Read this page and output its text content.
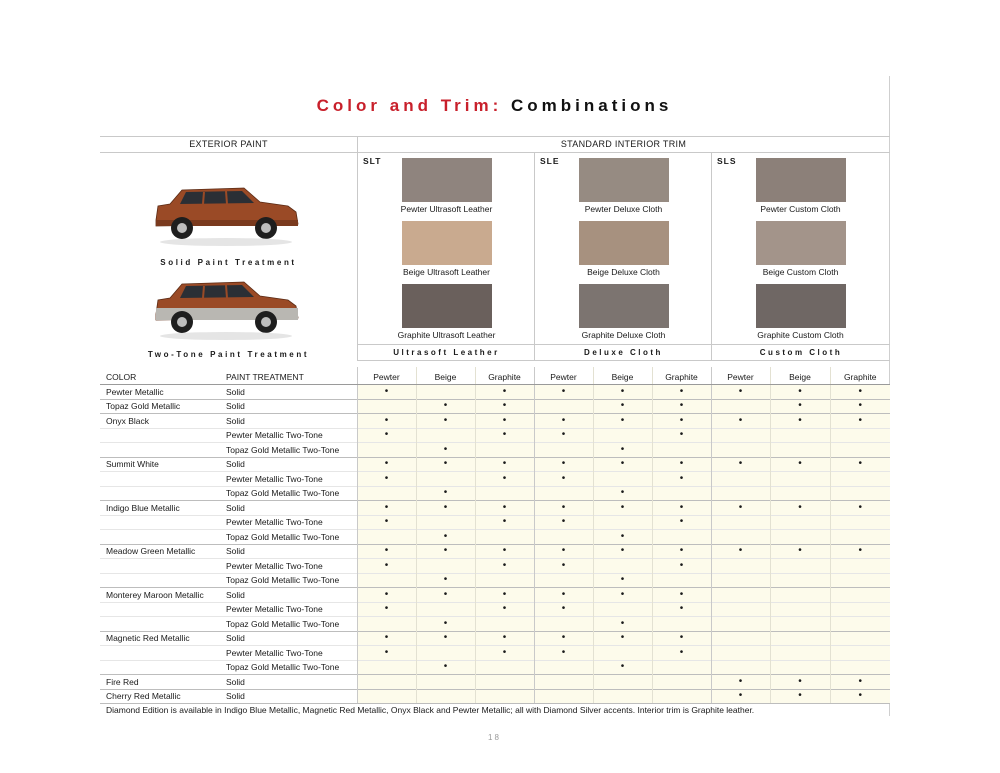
Color and Trim: Combinations
EXTERIOR PAINT	STANDARD INTERIOR TRIM
Solid Paint Treatment
Two-Tone Paint Treatment
SLT
Pewter Ultrasoft Leather
Beige Ultrasoft Leather
Graphite Ultrasoft Leather
SLE
Pewter Deluxe Cloth
Beige Deluxe Cloth
Graphite Deluxe Cloth
SLS
Pewter Custom Cloth
Beige Custom Cloth
Graphite Custom Cloth
Ultrasoft Leather	Deluxe Cloth	Custom Cloth
COLOR	PAINT TREATMENT	Pewter	Beige	Graphite	Pewter	Beige	Graphite	Pewter	Beige	Graphite
Pewter Metallic	Solid	•		•	•	•	•	•	•	•
Topaz Gold Metallic	Solid		•	•		•	•		•	•
Onyx Black	Solid	•	•	•	•	•	•	•	•	•
	Pewter Metallic Two-Tone	•		•	•		•			
	Topaz Gold Metallic Two-Tone		•			•				
Summit White	Solid	•	•	•	•	•	•	•	•	•
	Pewter Metallic Two-Tone	•		•	•		•			
	Topaz Gold Metallic Two-Tone		•			•				
Indigo Blue Metallic	Solid	•	•	•	•	•	•	•	•	•
	Pewter Metallic Two-Tone	•		•	•		•			
	Topaz Gold Metallic Two-Tone		•			•				
Meadow Green Metallic	Solid	•	•	•	•	•	•	•	•	•
	Pewter Metallic Two-Tone	•		•	•		•			
	Topaz Gold Metallic Two-Tone		•			•				
Monterey Maroon Metallic	Solid	•	•	•	•	•	•			
	Pewter Metallic Two-Tone	•		•	•		•			
	Topaz Gold Metallic Two-Tone		•			•				
Magnetic Red Metallic	Solid	•	•	•	•	•	•			
	Pewter Metallic Two-Tone	•		•	•		•			
	Topaz Gold Metallic Two-Tone		•			•				
Fire Red	Solid							•	•	•
Cherry Red Metallic	Solid							•	•	•
Diamond Edition is available in Indigo Blue Metallic, Magnetic Red Metallic, Onyx Black and Pewter Metallic; all with Diamond Silver accents. Interior trim is Graphite leather.
18
